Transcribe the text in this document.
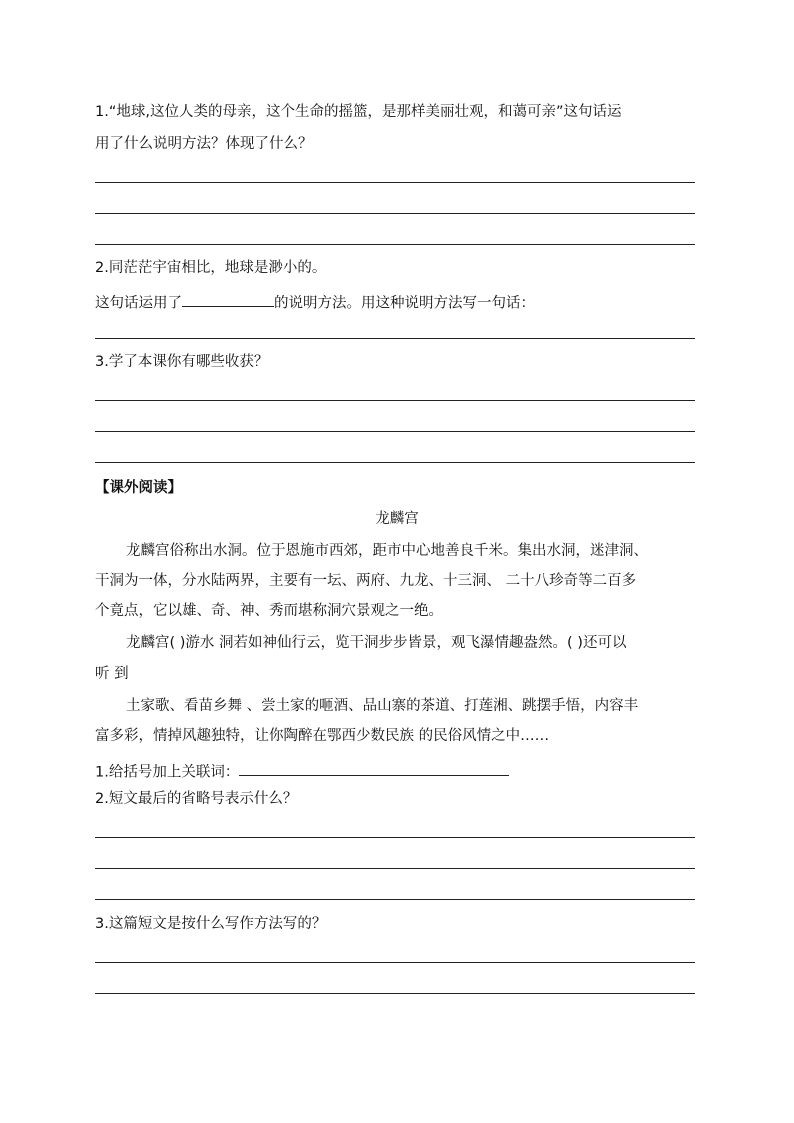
1.“地球,这位人类的母亲，这个生命的摇篮，是那样美丽壮观，和蔼可亲”这句话运
用了什么说明方法？体现了什么？
2.同茫茫宇宙相比，地球是渺小的。
这句话运用了	的说明方法。用这种说明方法写一句话：
3.学了本课你有哪些收获？
【课外阅读】
龙麟宫
龙麟宫俗称出水洞。位于恩施市西郊，距市中心地善良千米。集出水洞，迷津洞、
干洞为一体，分水陆两界，主要有一坛、两府、九龙、十三洞、 二十八珍奇等二百多
个竟点，它以雄、奇、神、秀而堪称洞穴景观之一绝。
龙麟宫( )游水 洞若如神仙行云，览干洞步步皆景，观飞瀑情趣盎然。( )还可以
听 到
土家歌、看苗乡舞 、尝土家的咂酒、品山寨的茶道、打莲湘、跳摆手悟，内容丰
富多彩，情掉风趣独特，让你陶醉在鄂西少数民族 的民俗风情之中……
1.给括号加上关联词：
2.短文最后的省略号表示什么？
3.这篇短文是按什么写作方法写的？
